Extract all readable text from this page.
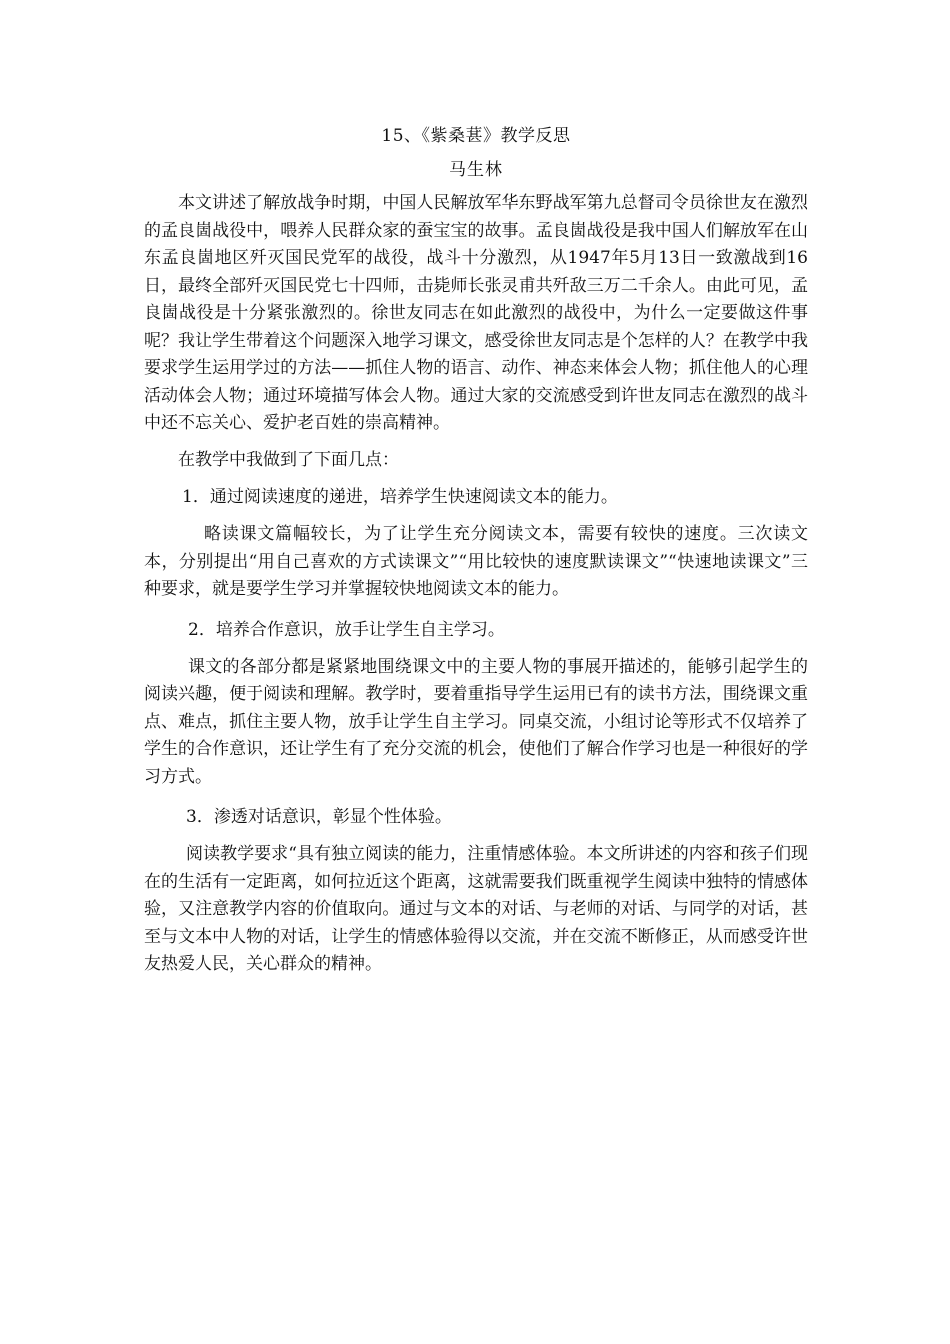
15、《紫桑葚》教学反思
马生林

本文讲述了解放战争时期，中国人民解放军华东野战军第九总督司令员徐世友在激烈的孟良崮战役中，喂养人民群众家的蚕宝宝的故事。孟良崮战役是我中国人们解放军在山东孟良崮地区歼灭国民党军的战役，战斗十分激烈，从1947年5月13日一致激战到16日，最终全部歼灭国民党七十四师，击毙师长张灵甫共歼敌三万二千余人。由此可见，孟良崮战役是十分紧张激烈的。徐世友同志在如此激烈的战役中，为什么一定要做这件事呢？我让学生带着这个问题深入地学习课文，感受徐世友同志是个怎样的人？在教学中我要求学生运用学过的方法——抓住人物的语言、动作、神态来体会人物；抓住他人的心理活动体会人物；通过环境描写体会人物。通过大家的交流感受到许世友同志在激烈的战斗中还不忘关心、爱护老百姓的崇高精神。

在教学中我做到了下面几点：

1．通过阅读速度的递进，培养学生快速阅读文本的能力。

略读课文篇幅较长，为了让学生充分阅读文本，需要有较快的速度。三次读文本，分别提出“用自己喜欢的方式读课文”“用比较快的速度默读课文”“快速地读课文”三种要求，就是要学生学习并掌握较快地阅读文本的能力。

2．培养合作意识，放手让学生自主学习。

课文的各部分都是紧紧地围绕课文中的主要人物的事展开描述的，能够引起学生的阅读兴趣，便于阅读和理解。教学时，要着重指导学生运用已有的读书方法，围绕课文重点、难点，抓住主要人物，放手让学生自主学习。同桌交流，小组讨论等形式不仅培养了学生的合作意识，还让学生有了充分交流的机会，使他们了解合作学习也是一种很好的学习方式。

3．渗透对话意识，彰显个性体验。

阅读教学要求“具有独立阅读的能力，注重情感体验。本文所讲述的内容和孩子们现在的生活有一定距离，如何拉近这个距离，这就需要我们既重视学生阅读中独特的情感体验，又注意教学内容的价值取向。通过与文本的对话、与老师的对话、与同学的对话，甚至与文本中人物的对话，让学生的情感体验得以交流，并在交流不断修正，从而感受许世友热爱人民，关心群众的精神。
